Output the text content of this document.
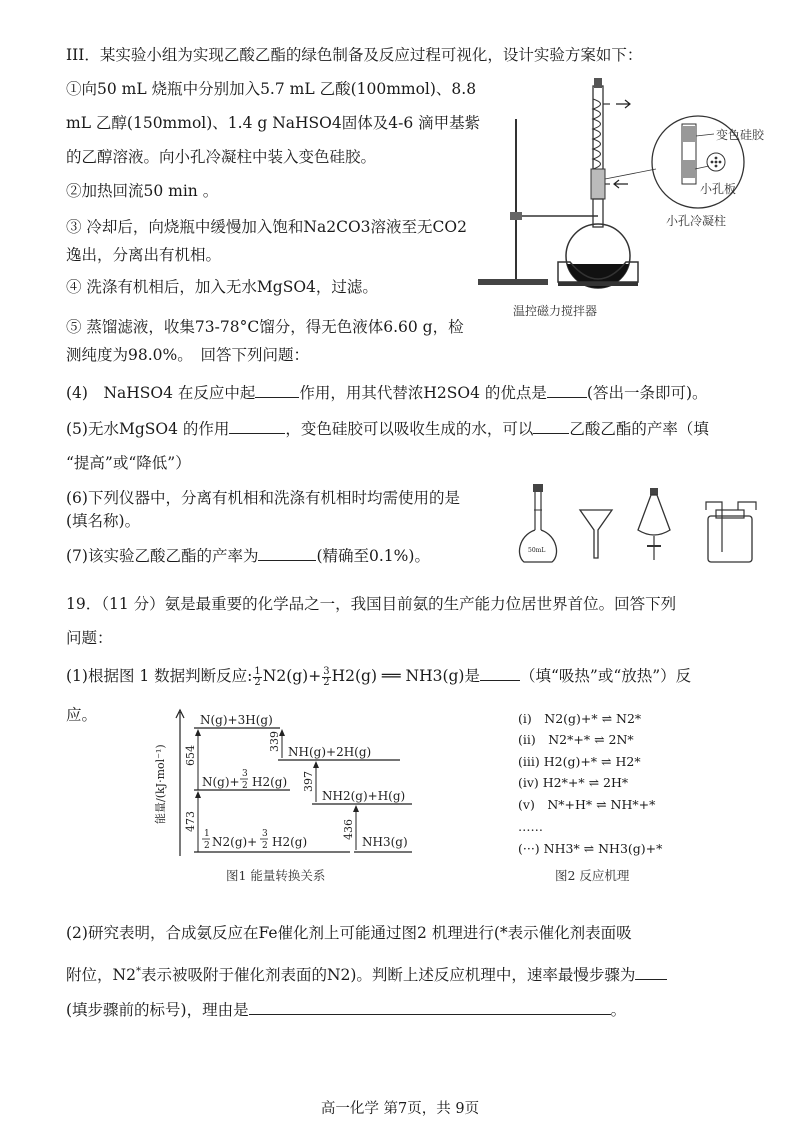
III．某实验小组为实现乙酸乙酯的绿色制备及反应过程可视化，设计实验方案如下：
①向50 mL 烧瓶中分别加入5.7 mL 乙酸(100mmol)、8.8
mL 乙醇(150mmol)、1.4 g NaHSO4固体及4-6 滴甲基紫
的乙醇溶液。向小孔冷凝柱中装入变色硅胶。
②加热回流50 min 。
③ 冷却后，向烧瓶中缓慢加入饱和Na2CO3溶液至无CO2
逸出，分离出有机相。
④ 洗涤有机相后，加入无水MgSO4，过滤。
⑤ 蒸馏滤液，收集73-78°C馏分，得无色液体6.60 g，检
测纯度为98.0%。　回答下列问题：
变色硅胶
小孔板
小孔冷凝柱
温控磁力搅拌器
(4)　NaHSO4 在反应中起	作用，用其代替浓H2SO4 的优点是	(答出一条即可)。
(5)无水MgSO4 的作用	，变色硅胶可以吸收生成的水，可以 乙酸乙酯的产率（填
“提高”或“降低”）
(6)下列仪器中，分离有机相和洗涤有机相时均需使用的是
(填名称)。
50mL
(7)该实验乙酸乙酯的产率为	(精确至0.1%)。
19．（11 分）氨是最重要的化学品之一，我国目前氨的生产能力位居世界首位。回答下列
问题：
(1)根据图 1 数据判断反应: $\frac{1}{2} N2(g)+ \frac{3}{2} H2(g)$ ══ NH3(g)是	（填“吸热”或“放热”）反
应。
能量/(kJ·mol⁻¹) 654
473
339
397
436
N(g)+3H(g)
NH(g)+2H(g)
N(g)+
3
2 H2(g)
NH2(g)+H(g)
1
2 N2(g)+
3
2 H2(g)	NH3(g)
图1 能量转换关系
(i)　N2(g)+* ⇌ N2*
(ii)　N2*+* ⇌ 2N*
(iii) H2(g)+* ⇌ H2*
(iv) H2*+* ⇌ 2H*
(v)　N*+H* ⇌ NH*+*
……
(···) NH3* ⇌ NH3(g)+*
图2 反应机理
(2)研究表明，合成氨反应在Fe催化剂上可能通过图2 机理进行(*表示催化剂表面吸
附位，N2*表示被吸附于催化剂表面的N2)。判断上述反应机理中，速率最慢步骤为
(填步骤前的标号)，理由是	。
高一化学 第7页，共 9页
